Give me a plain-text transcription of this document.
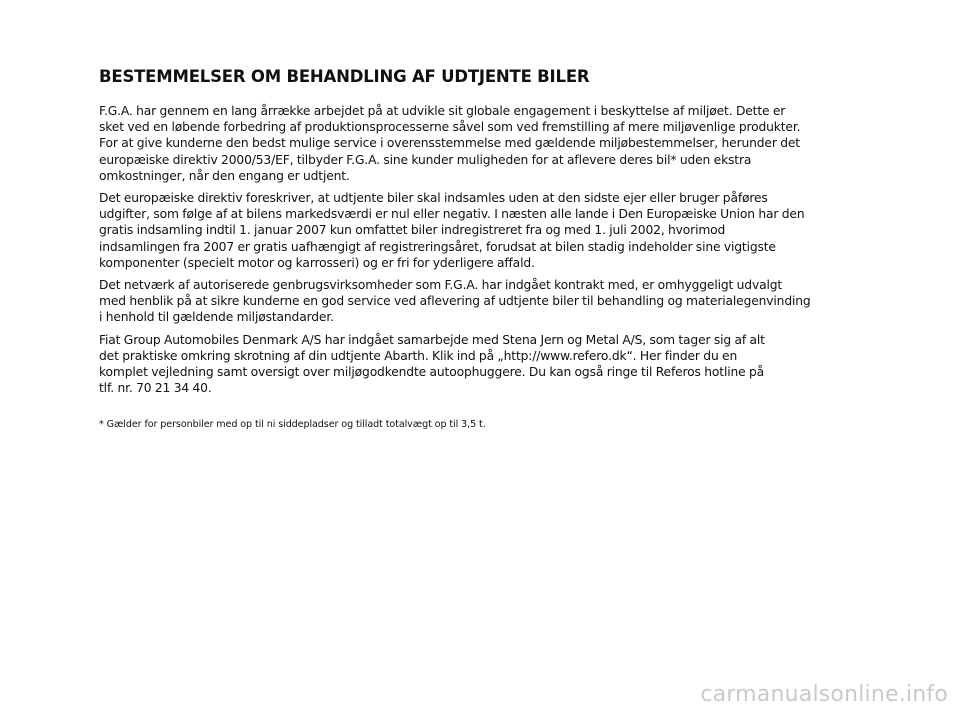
BESTEMMELSER OM BEHANDLING AF UDTJENTE BILER

F.G.A. har gennem en lang årrække arbejdet på at udvikle sit globale engagement i beskyttelse af miljøet. Dette er
sket ved en løbende forbedring af produktionsprocesserne såvel som ved fremstilling af mere miljøvenlige produkter.
For at give kunderne den bedst mulige service i overensstemmelse med gældende miljøbestemmelser, herunder det
europæiske direktiv 2000/53/EF, tilbyder F.G.A. sine kunder muligheden for at aflevere deres bil* uden ekstra
omkostninger, når den engang er udtjent.

Det europæiske direktiv foreskriver, at udtjente biler skal indsamles uden at den sidste ejer eller bruger påføres
udgifter, som følge af at bilens markedsværdi er nul eller negativ. I næsten alle lande i Den Europæiske Union har den
gratis indsamling indtil 1. januar 2007 kun omfattet biler indregistreret fra og med 1. juli 2002, hvorimod
indsamlingen fra 2007 er gratis uafhængigt af registreringsåret, forudsat at bilen stadig indeholder sine vigtigste
komponenter (specielt motor og karrosseri) og er fri for yderligere affald.

Det netværk af autoriserede genbrugsvirksomheder som F.G.A. har indgået kontrakt med, er omhyggeligt udvalgt
med henblik på at sikre kunderne en god service ved aflevering af udtjente biler til behandling og materialegenvinding
i henhold til gældende miljøstandarder.

Fiat Group Automobiles Denmark A/S har indgået samarbejde med Stena Jern og Metal A/S, som tager sig af alt
det praktiske omkring skrotning af din udtjente Abarth. Klik ind på „http://www.refero.dk“. Her finder du en
komplet vejledning samt oversigt over miljøgodkendte autoophuggere. Du kan også ringe til Referos hotline på
tlf. nr. 70 21 34 40.

* Gælder for personbiler med op til ni siddepladser og tilladt totalvægt op til 3,5 t.

carmanualsonline.info
